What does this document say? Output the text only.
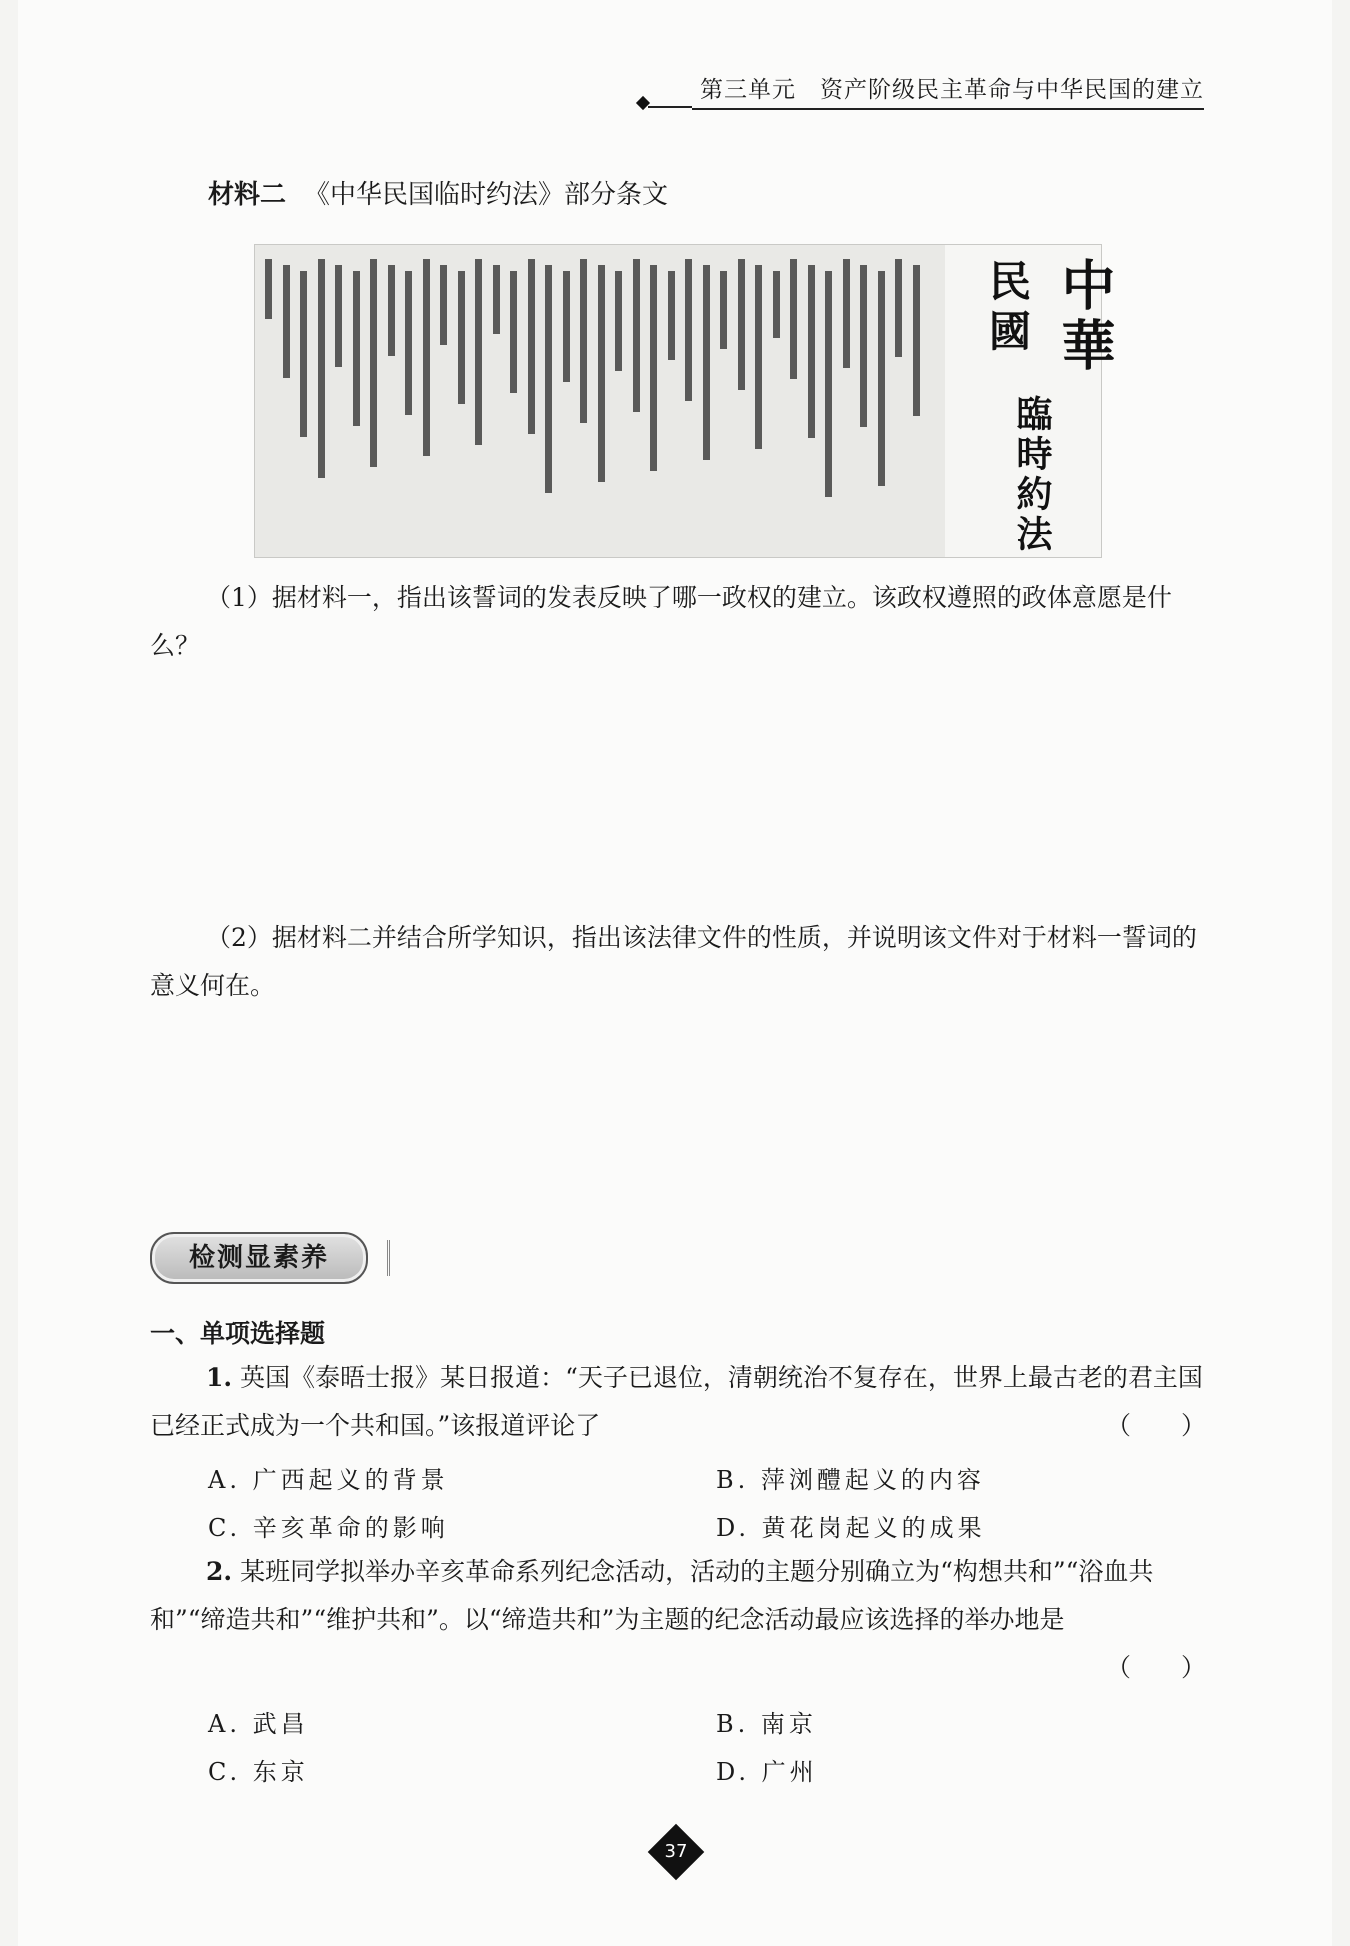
第三单元　资产阶级民主革命与中华民国的建立
材料二 《中华民国临时约法》部分条文
中華
民國
臨時約法
（1）据材料一，指出该誓词的发表反映了哪一政权的建立。该政权遵照的政体意愿是什么？
（2）据材料二并结合所学知识，指出该法律文件的性质，并说明该文件对于材料一誓词的意义何在。
检测显素养
一、单项选择题
1. 英国《泰晤士报》某日报道：“天子已退位，清朝统治不复存在，世界上最古老的君主国已经正式成为一个共和国。”该报道评论了	（　　）
A. 广西起义的背景	B. 萍浏醴起义的内容
C. 辛亥革命的影响	D. 黄花岗起义的成果
2. 某班同学拟举办辛亥革命系列纪念活动，活动的主题分别确立为“构想共和”“浴血共和”“缔造共和”“维护共和”。以“缔造共和”为主题的纪念活动最应该选择的举办地是
（　　）
A. 武昌	B. 南京
C. 东京	D. 广州
37
